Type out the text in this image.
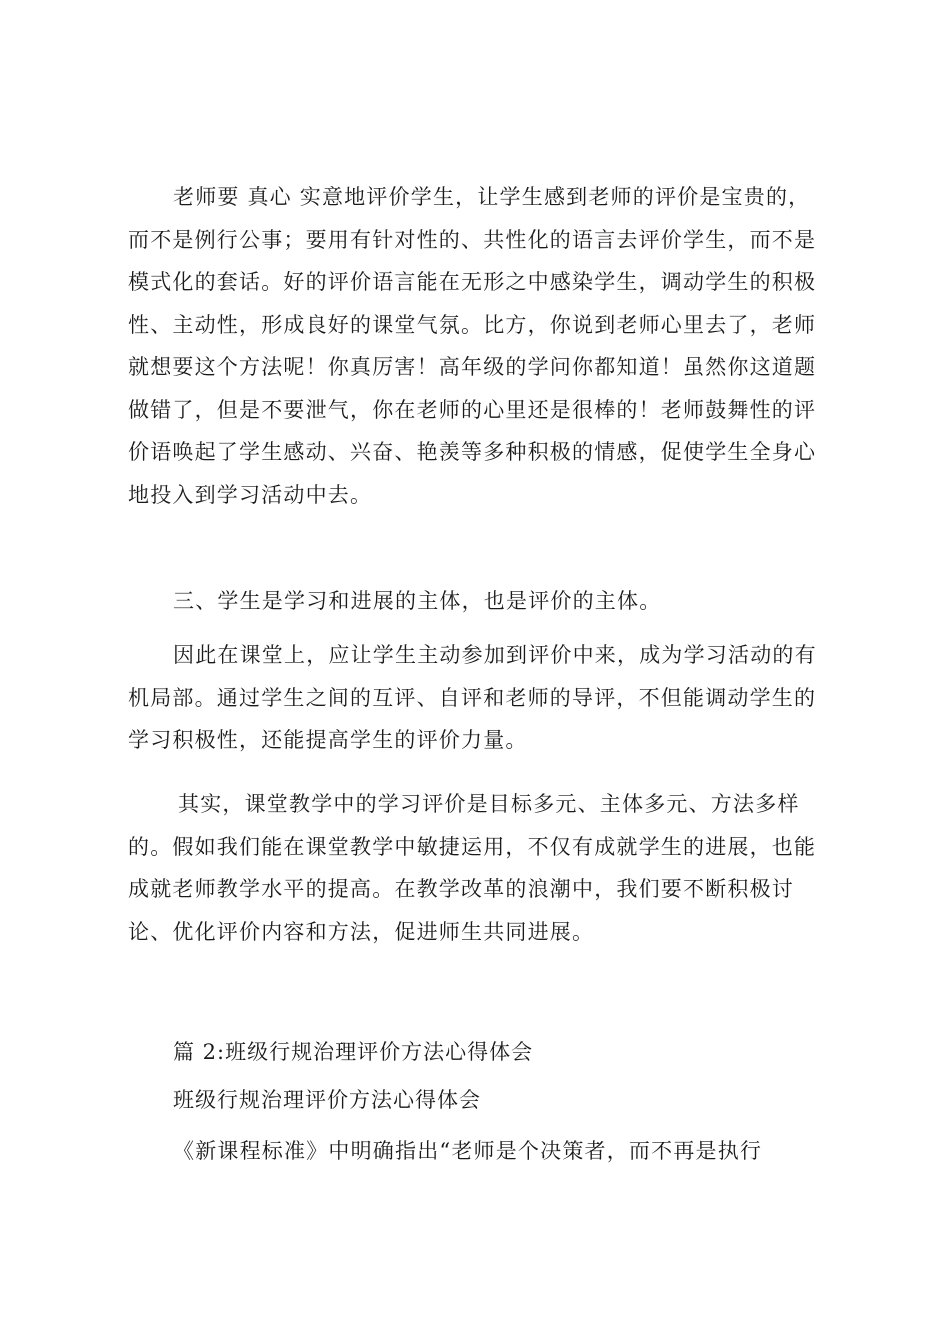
老师要 真心 实意地评价学生，让学生感到老师的评价是宝贵的，
而不是例行公事；要用有针对性的、共性化的语言去评价学生，而不是
模式化的套话。好的评价语言能在无形之中感染学生，调动学生的积极
性、主动性，形成良好的课堂气氛。比方，你说到老师心里去了，老师
就想要这个方法呢！你真厉害！高年级的学问你都知道！虽然你这道题
做错了，但是不要泄气，你在老师的心里还是很棒的！老师鼓舞性的评
价语唤起了学生感动、兴奋、艳羡等多种积极的情感，促使学生全身心
地投入到学习活动中去。
三、学生是学习和进展的主体，也是评价的主体。
因此在课堂上，应让学生主动参加到评价中来，成为学习活动的有
机局部。通过学生之间的互评、自评和老师的导评，不但能调动学生的
学习积极性，还能提高学生的评价力量。
其实，课堂教学中的学习评价是目标多元、主体多元、方法多样
的。假如我们能在课堂教学中敏捷运用，不仅有成就学生的进展，也能
成就老师教学水平的提高。在教学改革的浪潮中，我们要不断积极讨
论、优化评价内容和方法，促进师生共同进展。
篇 2:班级行规治理评价方法心得体会
班级行规治理评价方法心得体会
《新课程标准》中明确指出“老师是个决策者，而不再是执行
